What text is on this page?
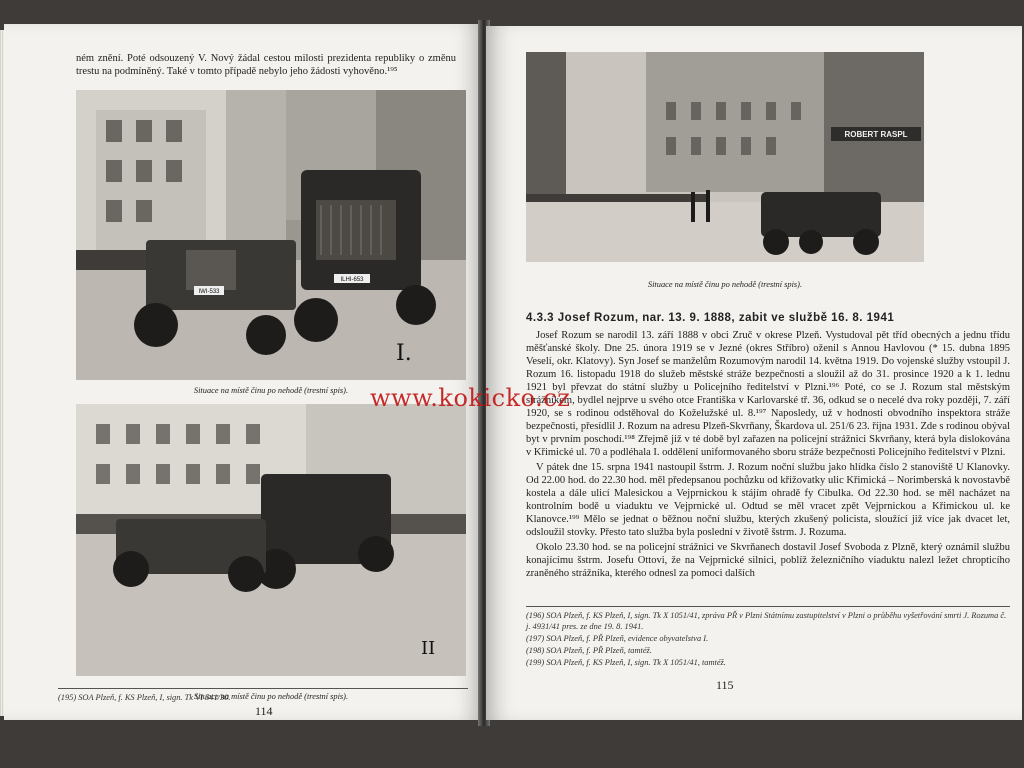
ném znění. Poté odsouzený V. Nový žádal cestou milosti prezidenta republiky o změnu trestu na podmíněný. Také v tomto případě nebylo jeho žádosti vyhověno.¹⁹⁵
ILHI-653
IWI-533
I.
Situace na místě činu po nehodě (trestní spis).
II
Situace na místě činu po nehodě (trestní spis).
(195) SOA Plzeň, f. KS Plzeň, I, sign. Tk VI 541/30.
114
ROBERT RASPL
Situace na místě činu po nehodě (trestní spis).
4.3.3 Josef Rozum, nar. 13. 9. 1888, zabit ve službě 16. 8. 1941

Josef Rozum se narodil 13. září 1888 v obci Zruč v okrese Plzeň. Vystudoval pět tříd obecných a jednu třídu měšťanské školy. Dne 25. února 1919 se v Jezné (okres Stříbro) oženil s Annou Havlovou (* 15. dubna 1895 Veselí, okr. Klatovy). Syn Josef se manželům Rozumovým narodil 14. května 1919. Do vojenské služby vstoupil J. Rozum 16. listopadu 1918 do služeb městské stráže bezpečnosti a sloužil až do 31. prosince 1920 a k 1. lednu 1921 byl převzat do státní služby u Policejního ředitelství v Plzni.¹⁹⁶ Poté, co se J. Rozum stal městským strážníkem, bydlel nejprve u svého otce Františka v Karlovarské tř. 36, odkud se o necelé dva roky později, 7. září 1920, se s rodinou odstěhoval do Koželužské ul. 8.¹⁹⁷ Naposledy, už v hodnosti obvodního inspektora stráže bezpečnosti, přesídlil J. Rozum na adresu Plzeň-Skvrňany, Škardova ul. 251/6 23. října 1931. Zde s rodinou obýval byt v prvním poschodí.¹⁹⁸ Zřejmě již v té době byl zařazen na policejní strážnici Skvrňany, která byla dislokována v Křimické ul. 70 a podléhala I. oddělení uniformovaného sboru stráže bezpečnosti Policejního ředitelství v Plzni.

V pátek dne 15. srpna 1941 nastoupil šstrm. J. Rozum noční službu jako hlídka číslo 2 stanoviště U Klanovky. Od 22.00 hod. do 22.30 hod. měl předepsanou pochůzku od křižovatky ulic Křimická – Norimberská k novostavbě kostela a dále ulicí Malesickou a Vejprnickou k stájím ohradě fy Cibulka. Od 22.30 hod. se měl nacházet na kontrolním bodě u viaduktu ve Vejprnické ul. Odtud se měl vracet zpět Vejprnickou a Křimickou ul. ke Klanovce.¹⁹⁹ Mělo se jednat o běžnou noční službu, kterých zkušený policista, sloužící již více jak dvacet let, odsloužil stovky. Přesto tato služba byla poslední v životě šstrm. J. Rozuma.

Okolo 23.30 hod. se na policejní strážnici ve Skvrňanech dostavil Josef Svoboda z Plzně, který oznámil službu konajícímu šstrm. Josefu Ottovi, že na Vejprnické silnici, poblíž železničního viaduktu nalezl ležet chropticího zraněného strážníka, kterého odnesl za pomoci dalších

(196) SOA Plzeň, f. KS Plzeň, I, sign. Tk X 1051/41, zpráva PŘ v Plzni Státnímu zastupitelství v Plzni o průběhu vyšetřování smrti J. Rozuma č. j. 4931/41 pres. ze dne 19. 8. 1941.
(197) SOA Plzeň, f. PŘ Plzeň, evidence obyvatelstva I.
(198) SOA Plzeň, f. PŘ Plzeň, tamtéž.
(199) SOA Plzeň, f. KS Plzeň, I, sign. Tk X 1051/41, tamtéž.
115
www.kokicko.cz
